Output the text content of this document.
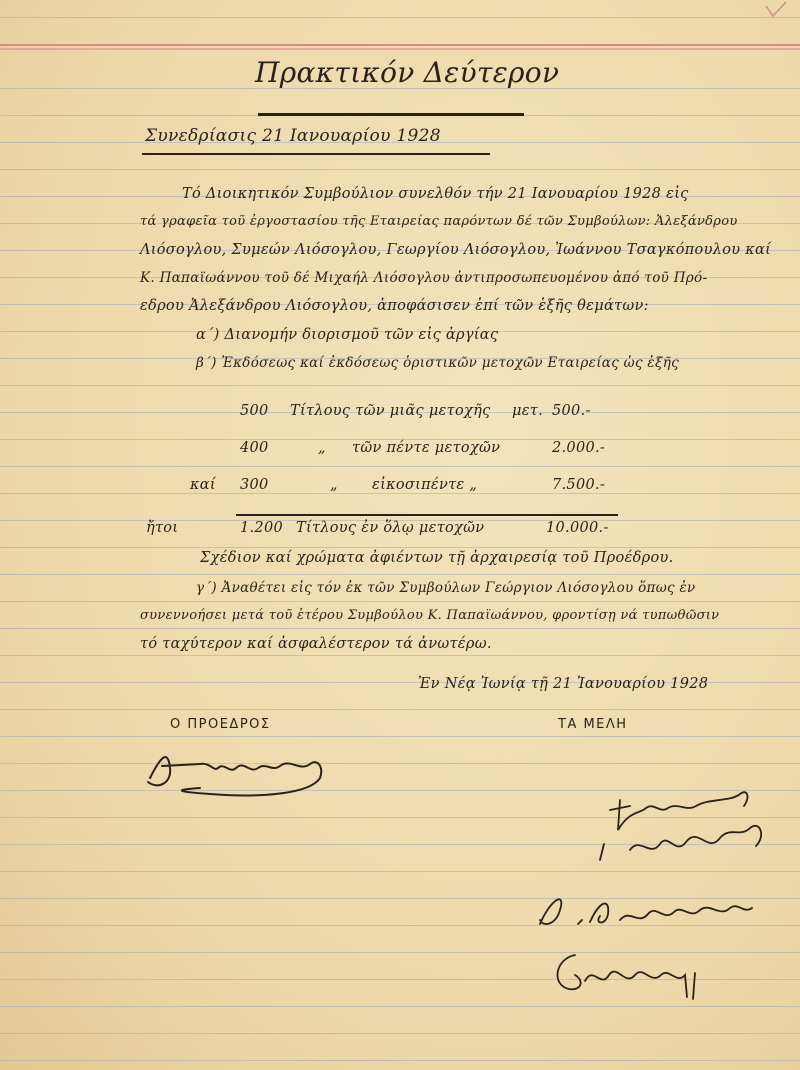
Πρακτικόν Δεύτερον
Συνεδρίασις 21 Ιανουαρίου 1928
Τό Διοικητικόν Συμβούλιον συνελθόν τήν 21 Ιανουαρίου 1928 εἰς
τά γραφεῖα τοῦ ἐργοστασίου τῆς Εταιρείας παρόντων δέ τῶν Συμβούλων: Ἀλεξάνδρου
Λιόσογλου, Συμεών Λιόσογλου, Γεωργίου Λιόσογλου, Ἰωάννου Τσαγκόπουλου καί
Κ. Παπαϊωάννου τοῦ δέ Μιχαήλ Λιόσογλου ἀντιπροσωπευομένου ἀπό τοῦ Πρό-
εδρου Ἀλεξάνδρου Λιόσογλου, ἀποφάσισεν ἐπί τῶν ἑξῆς θεμάτων:
α΄) Διανομήν διορισμοῦ τῶν εἰς ἀργίας
β΄) Ἐκδόσεως καί ἐκδόσεως ὁριστικῶν μετοχῶν Εταιρείας ὡς ἑξῆς
500 Τίτλους τῶν μιᾶς μετοχῆς μετ. 500.-
400	„ τῶν πέντε μετοχῶν	2.000.-
καί 300	„ εἰκοσιπέντε „	7.500.-
ἤτοι	1.200 Τίτλους ἐν ὅλῳ μετοχῶν	10.000.-
Σχέδιον καί χρώματα ἀφιέντων τῇ ἀρχαιρεσίᾳ τοῦ Προέδρου.
γ΄) Ἀναθέτει εἰς τόν ἐκ τῶν Συμβούλων Γεώργιον Λιόσογλου ὅπως ἐν
συνεννοήσει μετά τοῦ ἑτέρου Συμβούλου Κ. Παπαϊωάννου, φροντίσῃ νά τυπωθῶσιν
τό ταχύτερον καί ἀσφαλέστερον τά ἀνωτέρω.
Ἐν Νέᾳ Ἰωνίᾳ τῇ 21 Ἰανουαρίου 1928
Ο ΠΡΟΕΔΡΟΣ	ΤΑ ΜΕΛΗ
